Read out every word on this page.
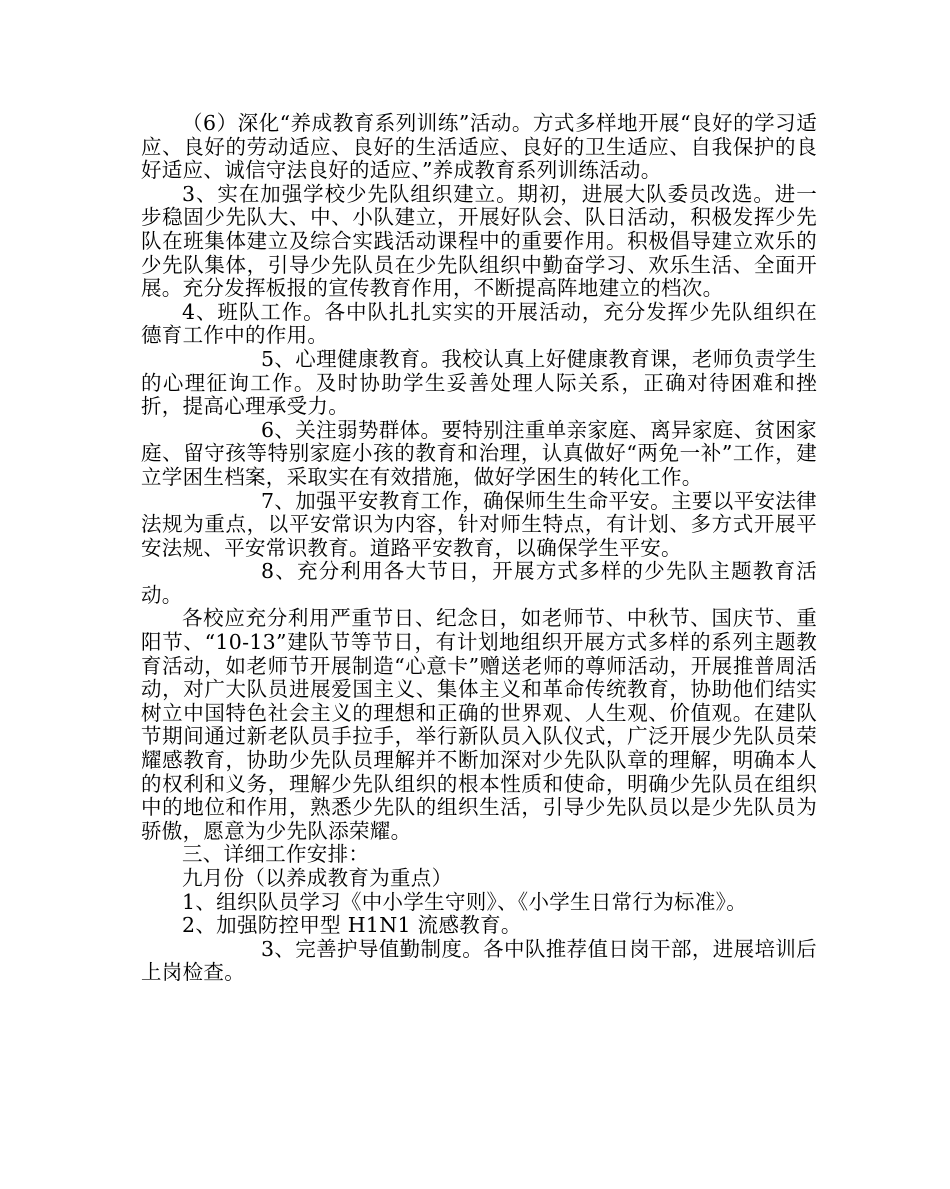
（6）深化“养成教育系列训练”活动。方式多样地开展“良好的学习适应、良好的劳动适应、良好的生活适应、良好的卫生适应、自我保护的良好适应、诚信守法良好的适应、”养成教育系列训练活动。

3、实在加强学校少先队组织建立。期初，进展大队委员改选。进一步稳固少先队大、中、小队建立，开展好队会、队日活动，积极发挥少先队在班集体建立及综合实践活动课程中的重要作用。积极倡导建立欢乐的少先队集体，引导少先队员在少先队组织中勤奋学习、欢乐生活、全面开展。充分发挥板报的宣传教育作用，不断提高阵地建立的档次。

4、班队工作。各中队扎扎实实的开展活动，充分发挥少先队组织在德育工作中的作用。

5、心理健康教育。我校认真上好健康教育课，老师负责学生的心理征询工作。及时协助学生妥善处理人际关系，正确对待困难和挫折，提高心理承受力。

6、关注弱势群体。要特别注重单亲家庭、离异家庭、贫困家庭、留守孩等特别家庭小孩的教育和治理，认真做好“两免一补”工作，建立学困生档案，采取实在有效措施，做好学困生的转化工作。

7、加强平安教育工作，确保师生生命平安。主要以平安法律法规为重点，以平安常识为内容，针对师生特点，有计划、多方式开展平安法规、平安常识教育。道路平安教育，以确保学生平安。

8、充分利用各大节日，开展方式多样的少先队主题教育活动。

各校应充分利用严重节日、纪念日，如老师节、中秋节、国庆节、重阳节、“10-13”建队节等节日，有计划地组织开展方式多样的系列主题教育活动，如老师节开展制造“心意卡”赠送老师的尊师活动，开展推普周活动，对广大队员进展爱国主义、集体主义和革命传统教育，协助他们结实树立中国特色社会主义的理想和正确的世界观、人生观、价值观。在建队节期间通过新老队员手拉手，举行新队员入队仪式，广泛开展少先队员荣耀感教育，协助少先队员理解并不断加深对少先队队章的理解，明确本人的权利和义务，理解少先队组织的根本性质和使命，明确少先队员在组织中的地位和作用，熟悉少先队的组织生活，引导少先队员以是少先队员为骄傲，愿意为少先队添荣耀。

三、详细工作安排：

九月份（以养成教育为重点）

1、组织队员学习《中小学生守则》、《小学生日常行为标准》。

2、加强防控甲型 H1N1 流感教育。

3、完善护导值勤制度。各中队推荐值日岗干部，进展培训后上岗检查。
